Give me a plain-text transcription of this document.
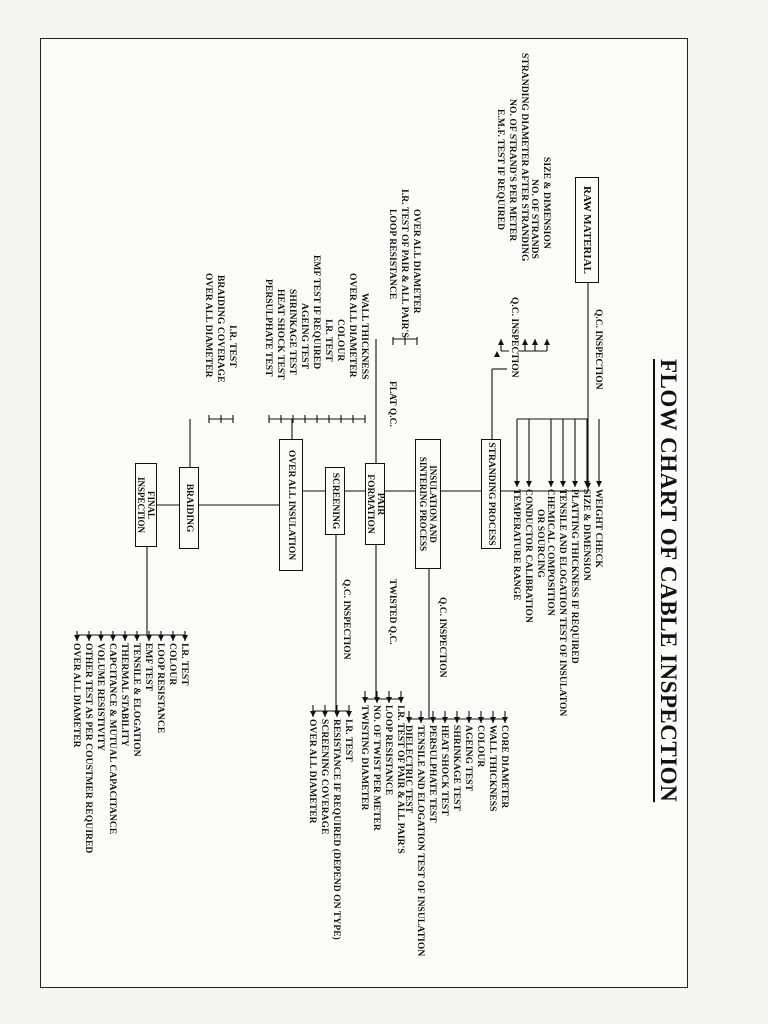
FLOW CHART OF CABLE INSPECTION
RAW MATERIAL
STRANDING PROCESS
INSULATION AND SINTERING PROCESS
PAIR FORMATION
SCREENING
OVER ALL INSULATION
BRAIDING
FINAL INSPECTION
Q.C. INSPECTION
Q.C. INSPECTION
Q.C. INSPECTION
TWISTED Q.C.
FLAT Q.C.
Q.C. INSPECTION
WEIGHT CHECK
SIZE & DIMENSION
PLATTING THICKNESS IF REQUIRED
TENSILE AND ELOGATION TEST OF INSULATON
CHEMICAL COMPOSITION
OR SOURCING
CONDUCTOR CALIBRATION
TEMPERATURE RANGE
SIZE & DIMENSION
NO. OF STRANDS
STRANDING DIAMETER AFTER STRANDING
NO. OF STRAND'S PER METER
E.M.F. TEST IF REQUIRED
CORE DIAMETER
WALL THICKNESS
COLOUR
AGEING TEST
SHRINKAGE TEST
HEAT SHOCK TEST
PERSULPHATE TEST
TENSILE AND ELOGATION TEST OF INSULATION
DIELECTRIC TEST
I.R. TEST OF PAIR & ALL PAIR'S
LOOP RESISTANCE
NO. OF TWIST PER METER
TWISTING DIAMETER
OVER ALL DIAMETER
I.R. TEST OF PAIR & ALL PAIR'S
LOOP RESISTANCE
I.R. TEST
RESISTANCE IF REQUIRED (DEPEND ON TYPE)
SCREENING COVERAGE
OVER ALL DIAMETER
WALL THICKNESS
OVER ALL DIAMETER
COLOUR
I.R. TEST
EMF TEST IF REQUIRED
AGEING TEST
SHRINKAGE TEST
HEAT SHOCK TEST
PERSULPHATE TEST
I.R. TEST
BRAIDING COVERAGE
OVER ALL DIAMETER
I.R. TEST
COLOUR
LOOP RESISTANCE
EMF TEST
TENSILE & ELOGATION
THERMAL STABILITY
CAPCITANCE & MUTUAL CAPACITANCE
VOLUME RESISTIVITY
OTHER TEST AS PER COUSTMER REQUIRED
OVER ALL DIAMETER
